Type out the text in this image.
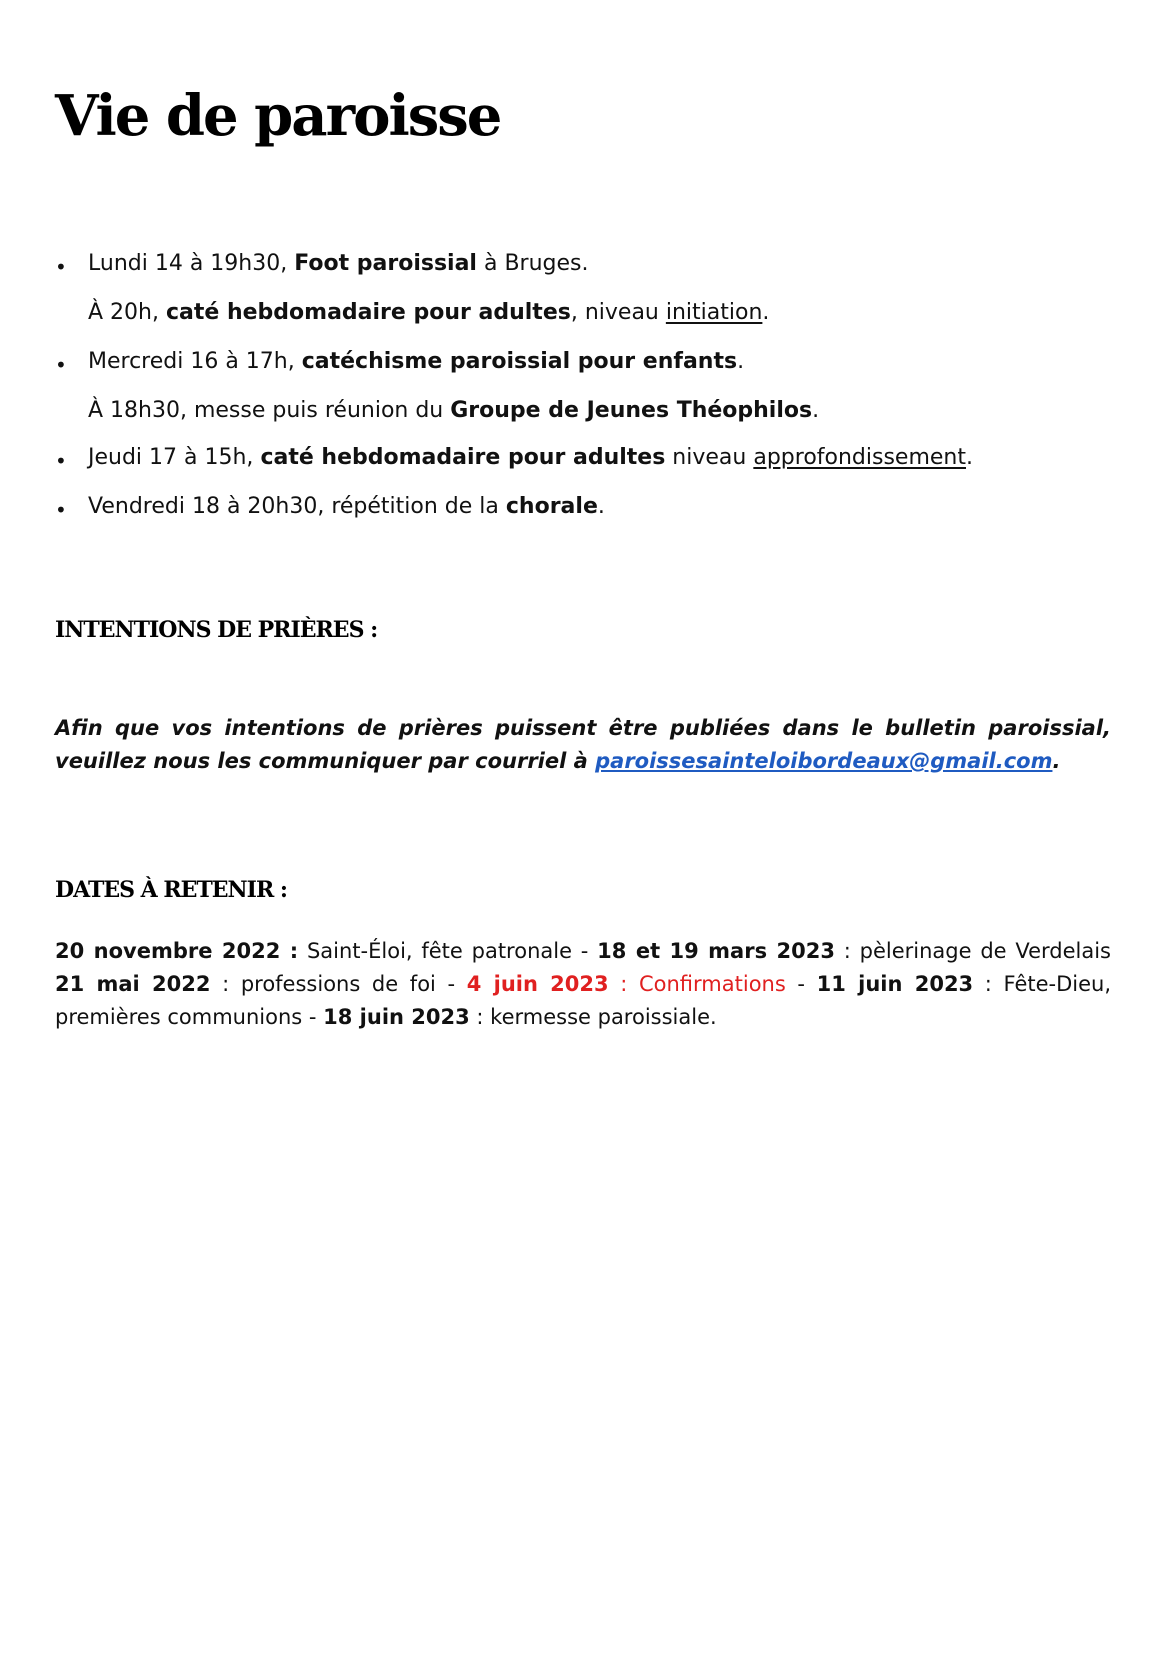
Vie de paroisse
• Lundi 14 à 19h30, Foot paroissial à Bruges.
À 20h, caté hebdomadaire pour adultes, niveau initiation.
• Mercredi 16 à 17h, catéchisme paroissial pour enfants.
À 18h30, messe puis réunion du Groupe de Jeunes Théophilos.
• Jeudi 17 à 15h, caté hebdomadaire pour adultes niveau approfondissement.
• Vendredi 18 à 20h30, répétition de la chorale.
INTENTIONS DE PRIÈRES :
Afin que vos intentions de prières puissent être publiées dans le bulletin paroissial, veuillez nous les communiquer par courriel à paroissesainteloibordeaux@gmail.com.
DATES À RETENIR :
20 novembre 2022 : Saint-Éloi, fête patronale - 18 et 19 mars 2023 : pèlerinage de Verdelais 21 mai 2022 : professions de foi - 4 juin 2023 : Confirmations - 11 juin 2023 : Fête-Dieu, premières communions - 18 juin 2023 : kermesse paroissiale.
